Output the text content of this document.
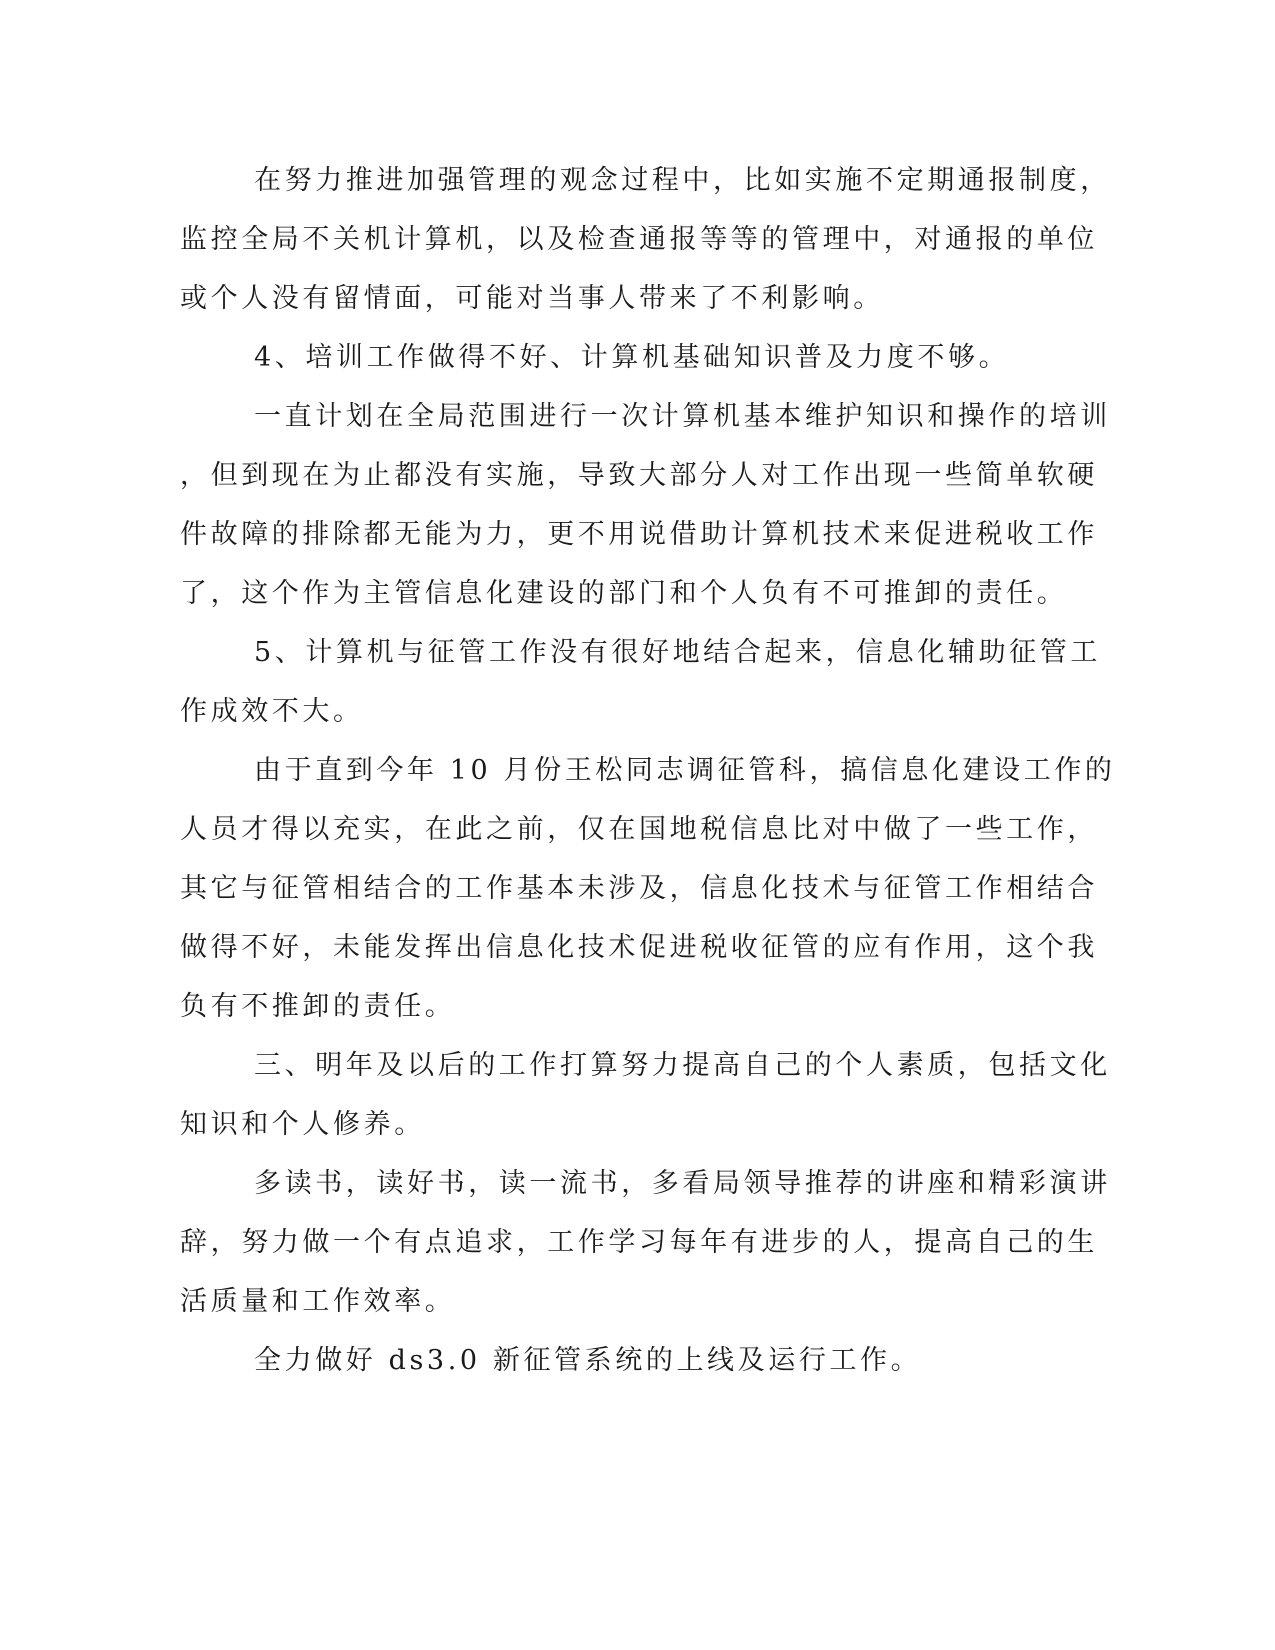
在努力推进加强管理的观念过程中，比如实施不定期通报制度，
监控全局不关机计算机，以及检查通报等等的管理中，对通报的单位
或个人没有留情面，可能对当事人带来了不利影响。
4、培训工作做得不好、计算机基础知识普及力度不够。
一直计划在全局范围进行一次计算机基本维护知识和操作的培训
，但到现在为止都没有实施，导致大部分人对工作出现一些简单软硬
件故障的排除都无能为力，更不用说借助计算机技术来促进税收工作
了，这个作为主管信息化建设的部门和个人负有不可推卸的责任。
5、计算机与征管工作没有很好地结合起来，信息化辅助征管工
作成效不大。
由于直到今年 10 月份王松同志调征管科，搞信息化建设工作的
人员才得以充实，在此之前，仅在国地税信息比对中做了一些工作，
其它与征管相结合的工作基本未涉及，信息化技术与征管工作相结合
做得不好，未能发挥出信息化技术促进税收征管的应有作用，这个我
负有不推卸的责任。
三、明年及以后的工作打算努力提高自己的个人素质，包括文化
知识和个人修养。
多读书，读好书，读一流书，多看局领导推荐的讲座和精彩演讲
辞，努力做一个有点追求，工作学习每年有进步的人，提高自己的生
活质量和工作效率。
全力做好 ds3.0 新征管系统的上线及运行工作。
